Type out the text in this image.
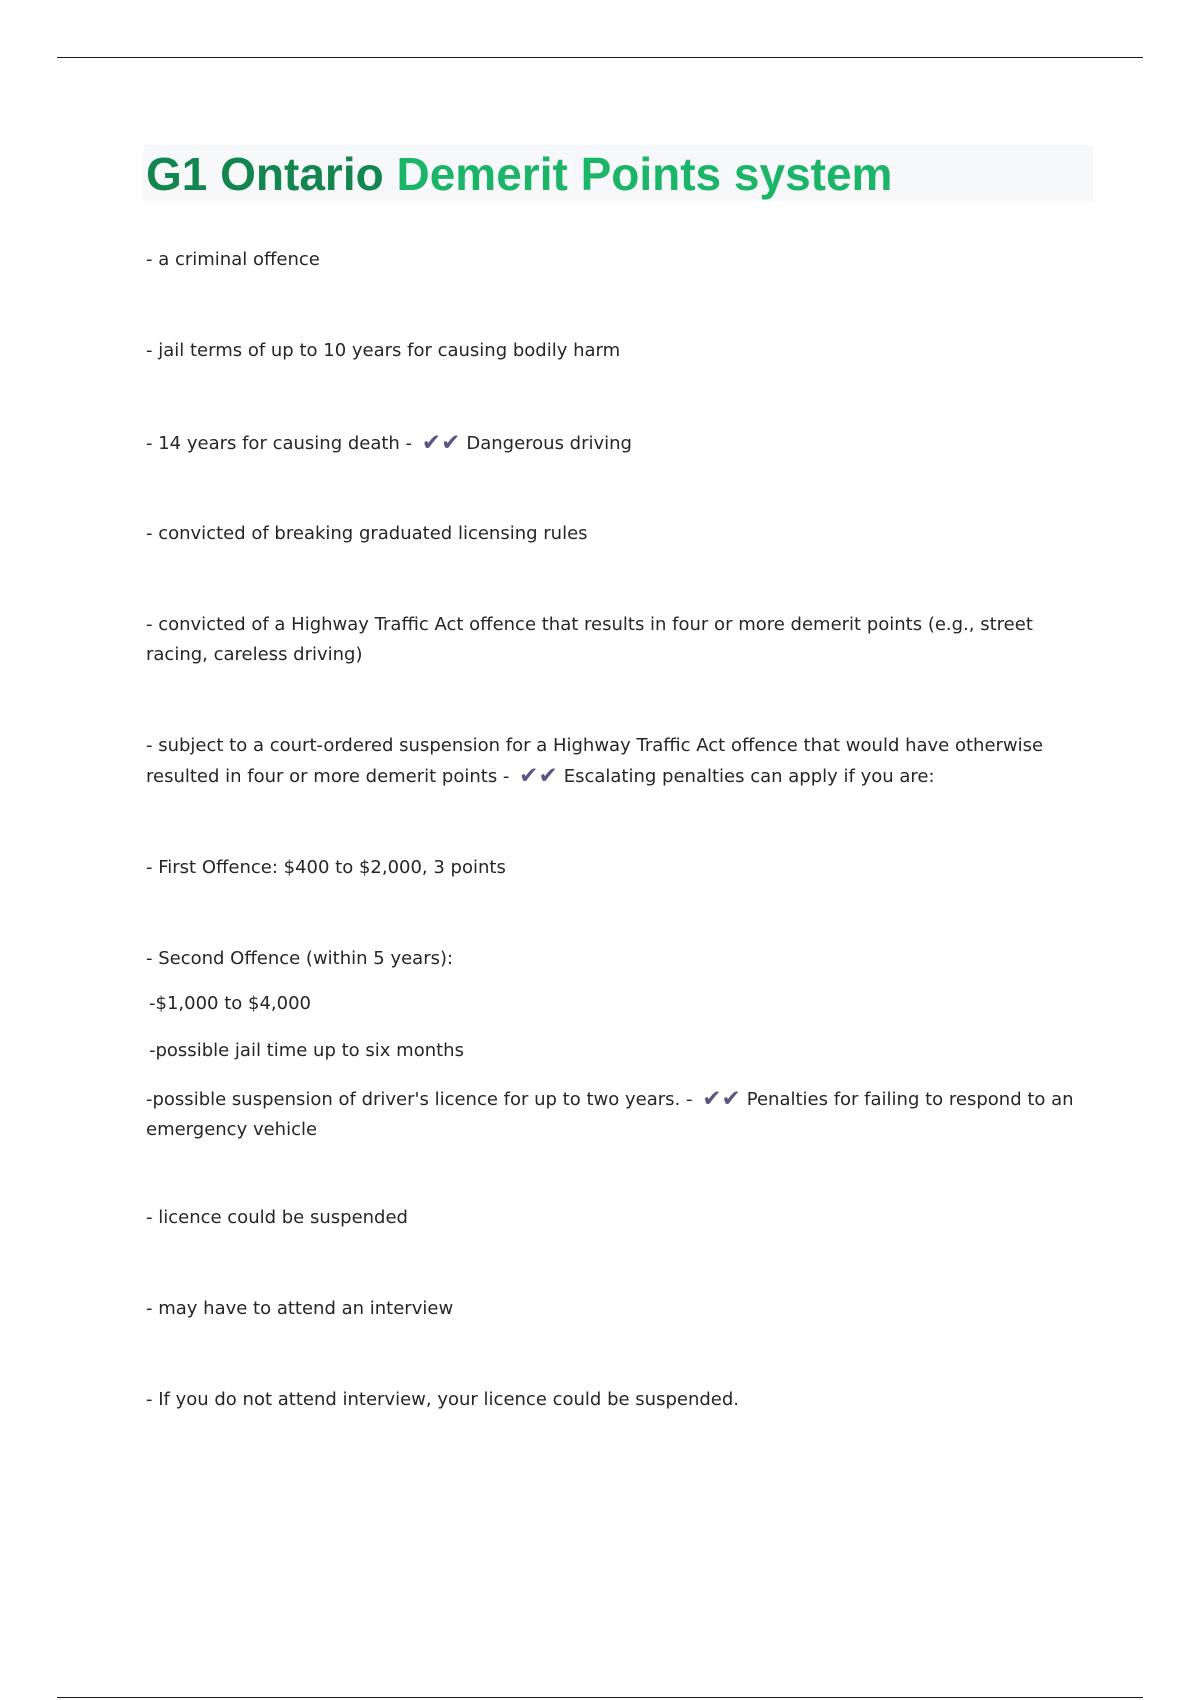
G1 Ontario Demerit Points system
- a criminal offence
- jail terms of up to 10 years for causing bodily harm
- 14 years for causing death - ✔✔ Dangerous driving
- convicted of breaking graduated licensing rules
- convicted of a Highway Traffic Act offence that results in four or more demerit points (e.g., street racing, careless driving)
- subject to a court-ordered suspension for a Highway Traffic Act offence that would have otherwise resulted in four or more demerit points - ✔✔ Escalating penalties can apply if you are:
- First Offence: $400 to $2,000, 3 points
- Second Offence (within 5 years):
-$1,000 to $4,000
-possible jail time up to six months
-possible suspension of driver's licence for up to two years. - ✔✔ Penalties for failing to respond to an emergency vehicle
- licence could be suspended
- may have to attend an interview
- If you do not attend interview, your licence could be suspended.
